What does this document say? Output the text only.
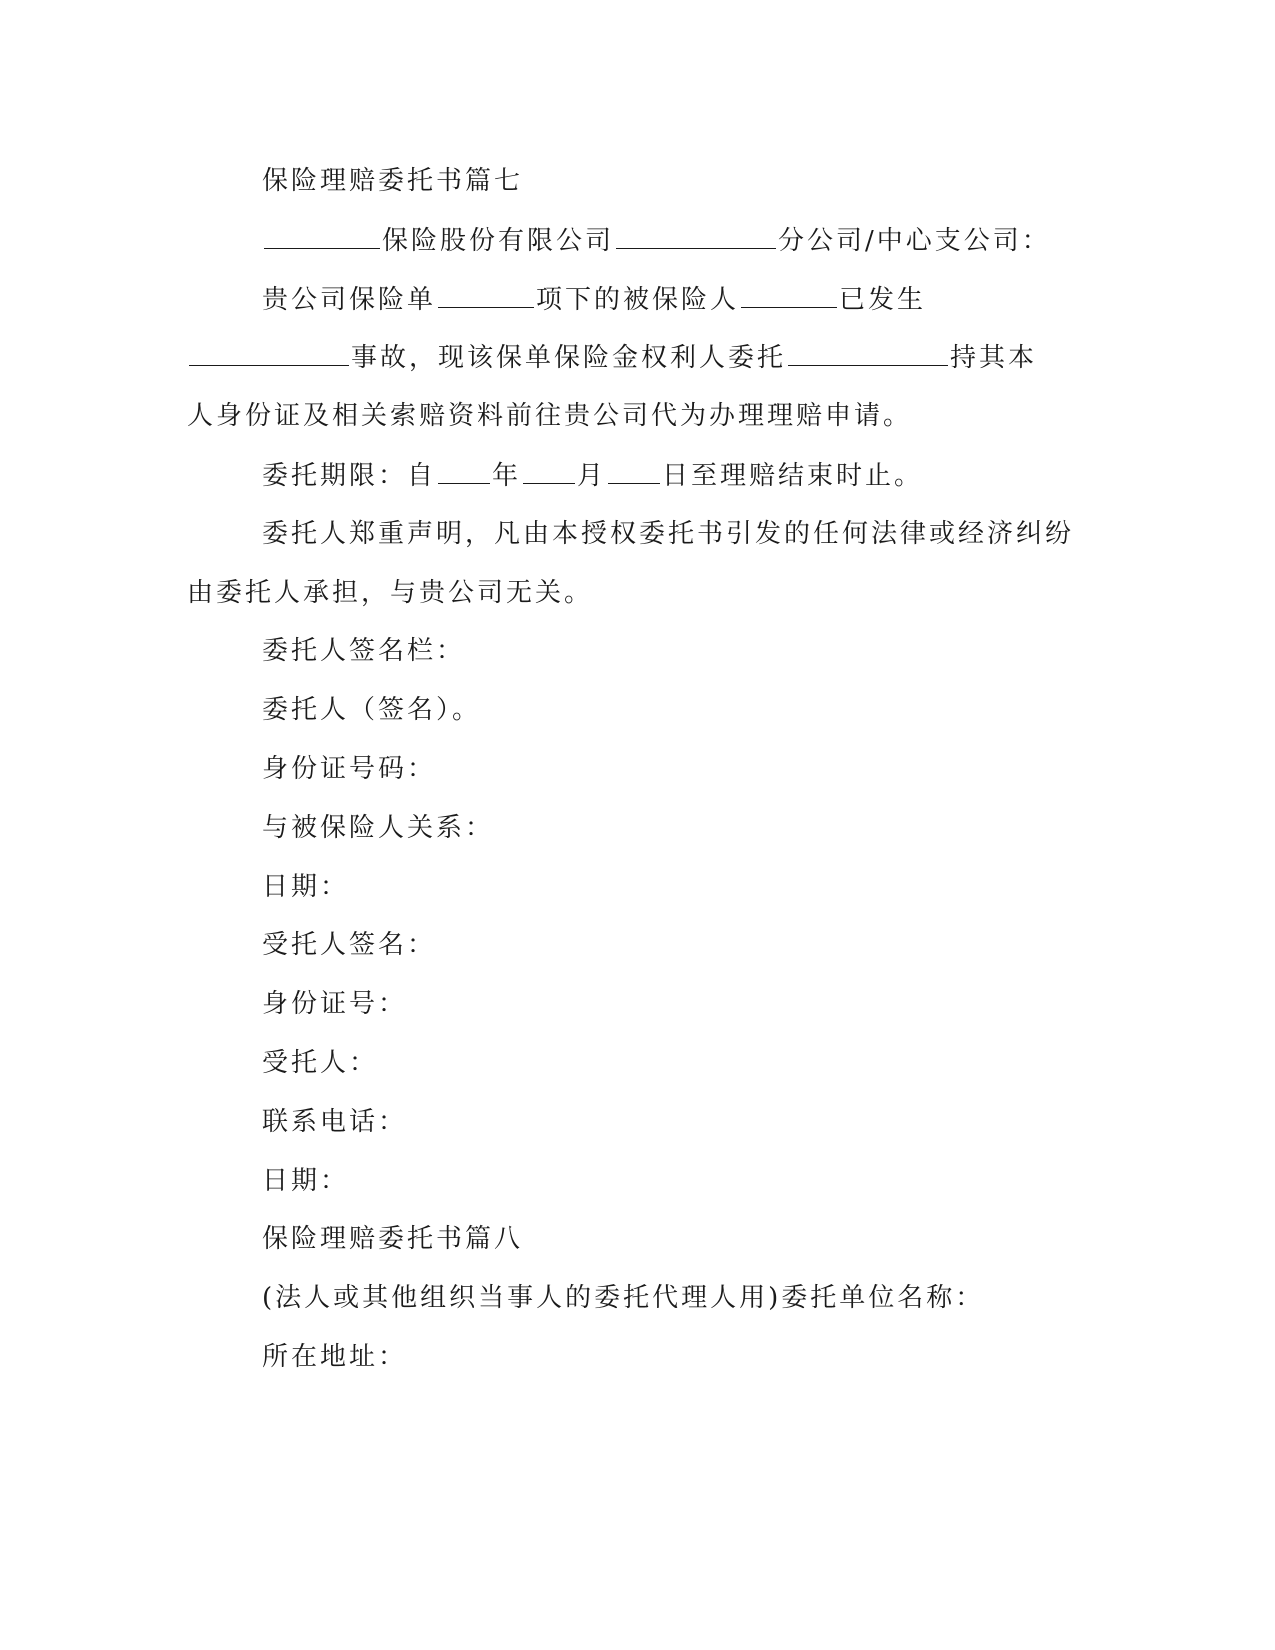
保险理赔委托书篇七
保险股份有限公司	分公司/中心支公司：
贵公司保险单	项下的被保险人	已发生
事故，现该保单保险金权利人委托	持其本
人身份证及相关索赔资料前往贵公司代为办理理赔申请。
委托期限：自 年 月 日至理赔结束时止。
委托人郑重声明，凡由本授权委托书引发的任何法律或经济纠纷
由委托人承担，与贵公司无关。
委托人签名栏：
委托人（签名）。
身份证号码：
与被保险人关系：
日期：
受托人签名：
身份证号：
受托人：
联系电话：
日期：
保险理赔委托书篇八
(法人或其他组织当事人的委托代理人用)委托单位名称：
所在地址：
